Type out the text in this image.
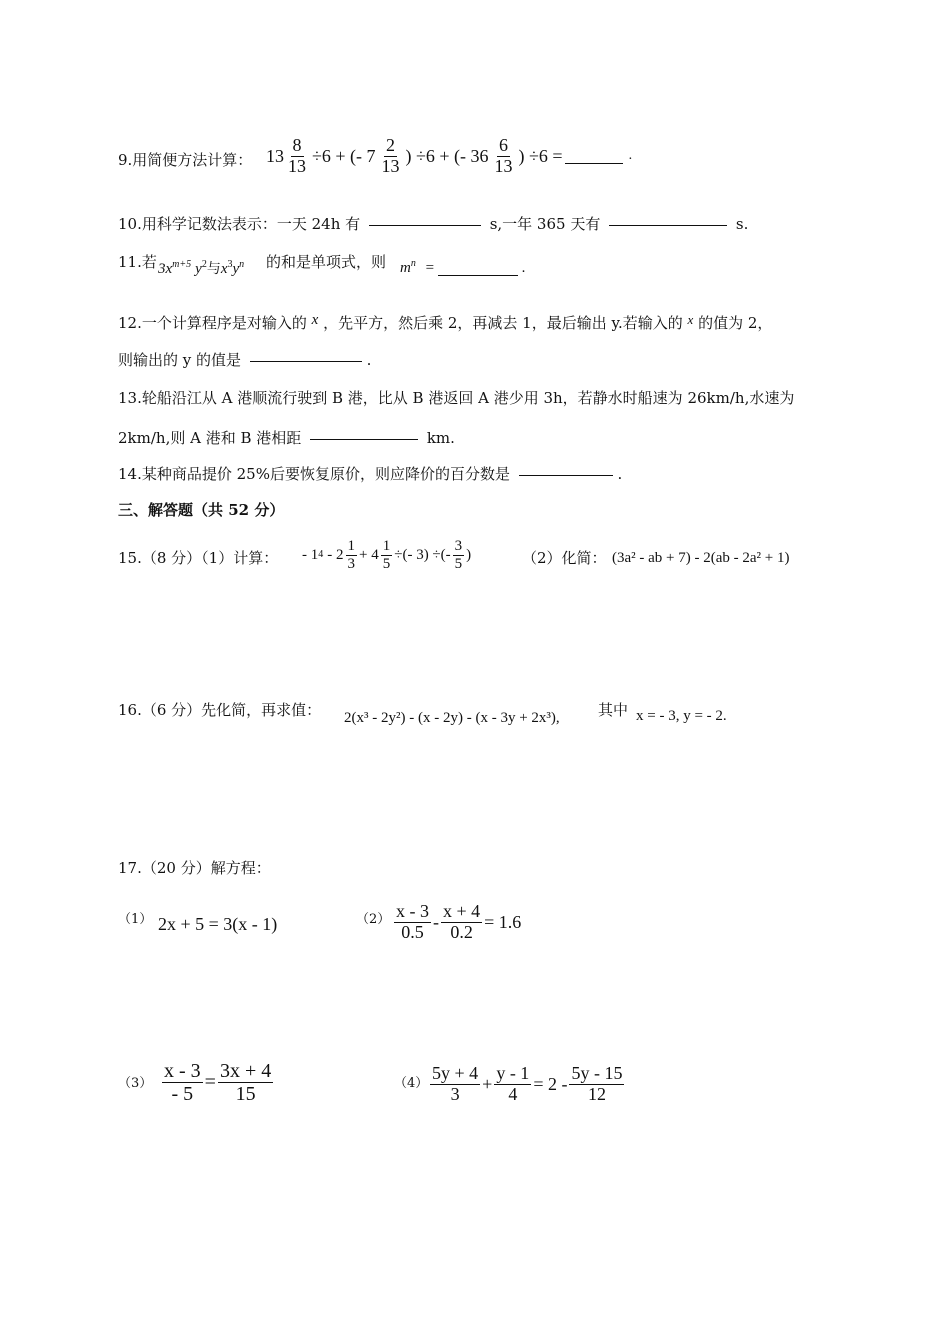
9.用简便方法计算： $13 \frac{8}{13} \div 6$ + (- $7 \frac{2}{13}$ ) ÷6 + (- $36 \frac{6}{13}$ ) ÷6 =	.
10.用科学记数法表示：一天 24h 有	s,一年 365 天有	s.
11.若 $3x^{m+5}$ $y^2$与$x^3y^n$ 的和是单项式，则 $m^n$ =	.
12.一个计算程序是对输入的 x ，先平方，然后乘 2，再减去 1，最后输出 y.若输入的 x 的值为 2，
则输出的 y 的值是	.
13.轮船沿江从 A 港顺流行驶到 B 港，比从 B 港返回 A 港少用 3h，若静水时船速为 26km/h,水速为
2km/h,则 A 港和 B 港相距	km.
14.某种商品提价 25%后要恢复原价，则应降价的百分数是	.
三、解答题（共 52 分）
15.（8 分）（1）计算： - 1 $4 - 2 \frac{1}{3} + 4 \frac{1}{5}$ ÷(- 3) ÷(- $\frac{3}{5}$ )	（2）化简： (3a² - ab + 7) - 2(ab - 2a² + 1)
16.（6 分）先化简，再求值： 2(x³ - 2y²) - (x - 2y) - (x - 3y + 2x³),	其中 x = - 3, y = - 2.
17.（20 分）解方程：
（1） 2x + 5 = 3(x - 1)	$(2) \frac{x - 3}{0.5} - \frac{x + 4}{0.2} = 1.6$
$(3) \frac{x - 3}{- 5} = \frac{3x + 4}{15}$	$(4) \frac{5y + 4}{3} + \frac{y - 1}{4} = 2 - \frac{5y - 15}{12}$
